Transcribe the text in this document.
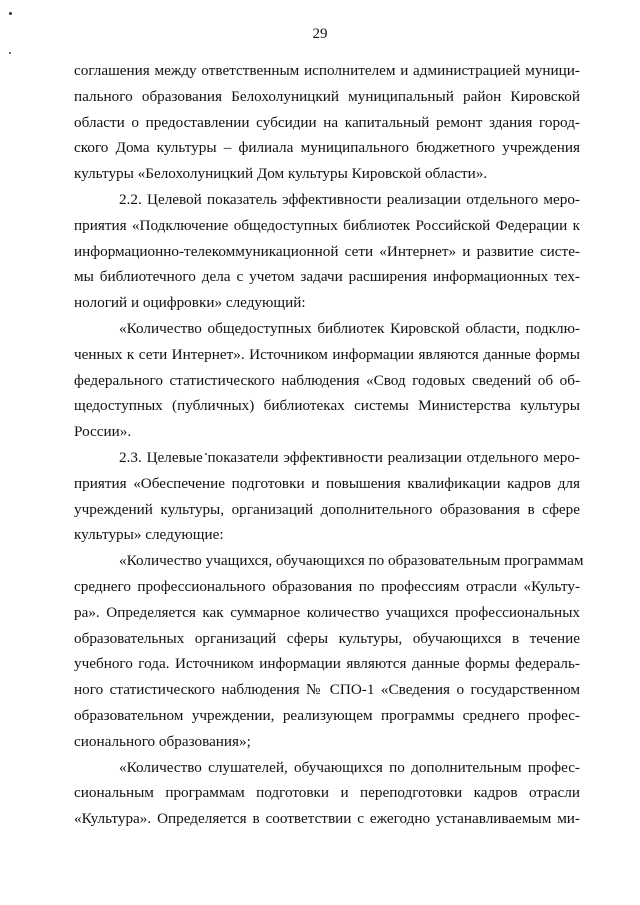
29
соглашения между ответственным исполнителем и администрацией муници-
пального образования Белохолуницкий муниципальный район Кировской
области о предоставлении субсидии на капитальный ремонт здания город-
ского Дома культуры – филиала муниципального бюджетного учреждения
культуры «Белохолуницкий Дом культуры Кировской области».
2.2. Целевой показатель эффективности реализации отдельного меро-
приятия «Подключение общедоступных библиотек Российской Федерации к
информационно-телекоммуникационной сети «Интернет» и развитие систе-
мы библиотечного дела с учетом задачи расширения информационных тех-
нологий и оцифровки» следующий:
«Количество общедоступных библиотек Кировской области, подклю-
ченных к сети Интернет». Источником информации являются данные формы
федерального статистического наблюдения «Свод годовых сведений об об-
щедоступных (публичных) библиотеках системы Министерства культуры
России».
2.3. Целевые показатели эффективности реализации отдельного меро-
приятия «Обеспечение подготовки и повышения квалификации кадров для
учреждений культуры, организаций дополнительного образования в сфере
культуры» следующие:
«Количество учащихся, обучающихся по образовательным программам
среднего профессионального образования по профессиям отрасли «Культу-
ра». Определяется как суммарное количество учащихся профессиональных
образовательных организаций сферы культуры, обучающихся в течение
учебного года. Источником информации являются данные формы федераль-
ного статистического наблюдения № СПО-1 «Сведения о государственном
образовательном учреждении, реализующем программы среднего профес-
сионального образования»;
«Количество слушателей, обучающихся по дополнительным профес-
сиональным программам подготовки и переподготовки кадров отрасли
«Культура». Определяется в соответствии с ежегодно устанавливаемым ми-
